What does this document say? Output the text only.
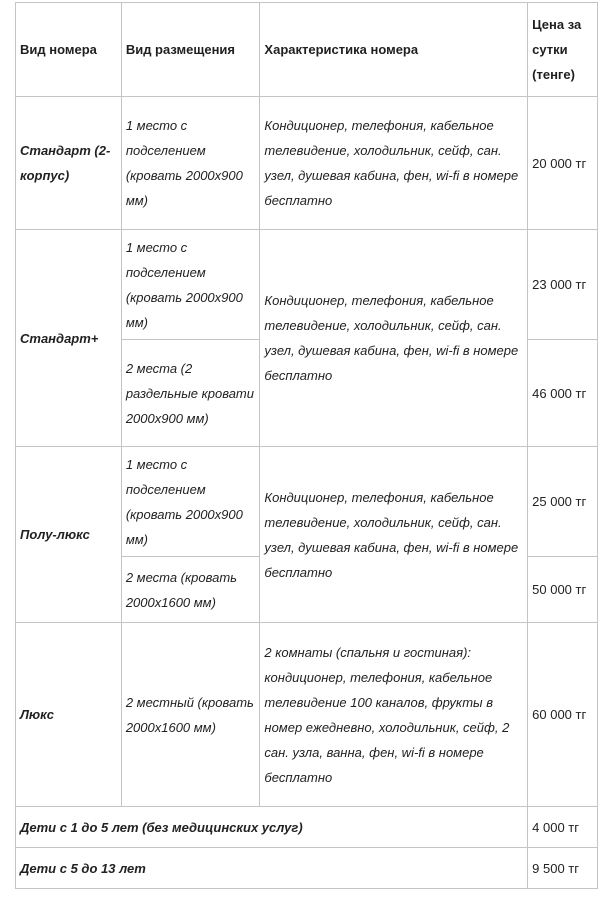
Вид номера	Вид размещения	Характеристика номера	Цена за сутки (тенге)
Стандарт (2-корпус)	1 место с подселением (кровать 2000х900 мм)	Кондиционер, телефония, кабельное телевидение, холодильник, сейф, сан. узел, душевая кабина, фен, wi-fi в номере бесплатно	20 000 тг
Стандарт+	1 место с подселением (кровать 2000х900 мм)	Кондиционер, телефония, кабельное телевидение, холодильник, сейф, сан. узел, душевая кабина, фен, wi-fi в номере бесплатно	23 000 тг
	2 места (2 раздельные кровати 2000х900 мм)		46 000 тг
Полу-люкс	1 место с подселением (кровать 2000х900 мм)	Кондиционер, телефония, кабельное телевидение, холодильник, сейф, сан. узел, душевая кабина, фен, wi-fi в номере бесплатно	25 000 тг
	2 места (кровать 2000х1600 мм)		50 000 тг
Люкс	2 местный (кровать 2000х1600 мм)	2 комнаты (спальня и гостиная): кондиционер, телефония, кабельное телевидение 100 каналов, фрукты в номер ежедневно, холодильник, сейф, 2 сан. узла, ванна, фен, wi-fi в номере бесплатно	60 000 тг
Дети с 1 до 5 лет (без медицинских услуг)			4 000 тг
Дети с 5 до 13 лет			9 500 тг
